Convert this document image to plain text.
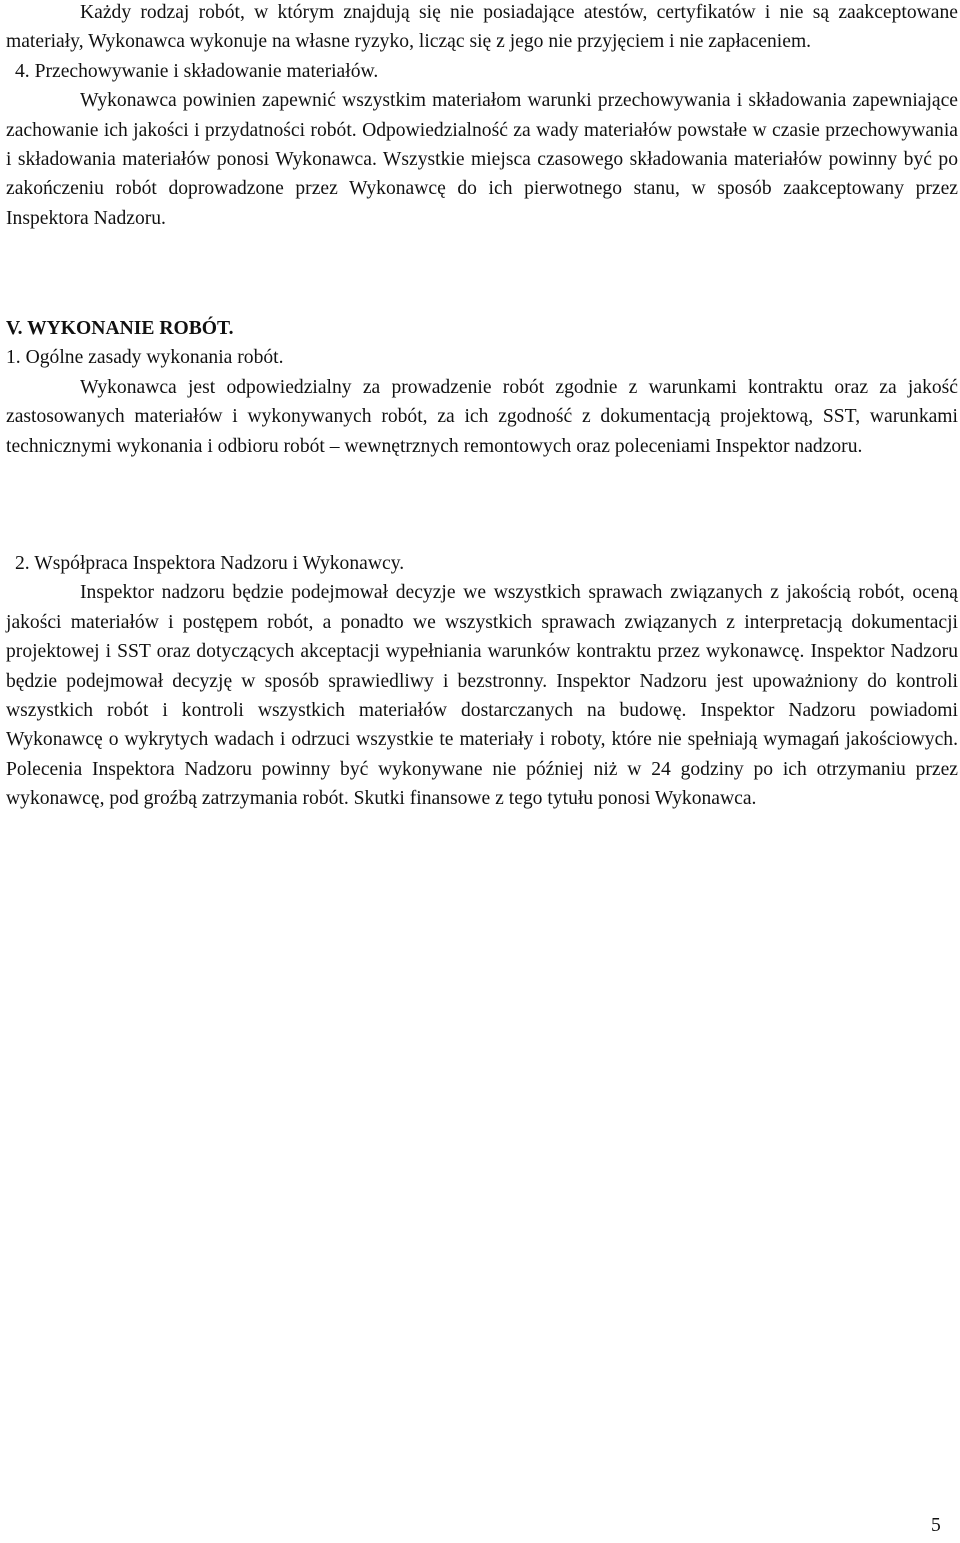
Każdy rodzaj robót, w którym znajdują się nie posiadające atestów, certyfikatów i nie są zaakceptowane materiały, Wykonawca wykonuje na własne ryzyko, licząc się z jego nie przyjęciem i nie zapłaceniem.

4. Przechowywanie i składowanie materiałów.

Wykonawca powinien zapewnić wszystkim materiałom warunki przechowywania i składowania zapewniające zachowanie ich jakości i przydatności robót. Odpowiedzialność za wady materiałów powstałe w czasie przechowywania i składowania materiałów ponosi Wykonawca. Wszystkie miejsca czasowego składowania materiałów powinny być po zakończeniu robót doprowadzone przez Wykonawcę do ich pierwotnego stanu, w sposób zaakceptowany przez Inspektora Nadzoru.

V. WYKONANIE ROBÓT.
1. Ogólne zasady wykonania robót.

Wykonawca jest odpowiedzialny za prowadzenie robót zgodnie z warunkami kontraktu oraz za jakość zastosowanych materiałów i wykonywanych robót, za ich zgodność z dokumentacją projektową, SST, warunkami technicznymi wykonania i odbioru robót – wewnętrznych remontowych oraz poleceniami Inspektor nadzoru.

2. Współpraca Inspektora Nadzoru i Wykonawcy.

Inspektor nadzoru będzie podejmował decyzje we wszystkich sprawach związanych z jakością robót, oceną jakości materiałów i postępem robót, a ponadto we wszystkich sprawach związanych z interpretacją dokumentacji projektowej i SST oraz dotyczących akceptacji wypełniania warunków kontraktu przez wykonawcę. Inspektor Nadzoru będzie podejmował decyzję w sposób sprawiedliwy i bezstronny. Inspektor Nadzoru jest upoważniony do kontroli wszystkich robót i kontroli wszystkich materiałów dostarczanych na budowę. Inspektor Nadzoru powiadomi Wykonawcę o wykrytych wadach i odrzuci wszystkie te materiały i roboty, które nie spełniają wymagań jakościowych. Polecenia Inspektora Nadzoru powinny być wykonywane nie później niż w 24 godziny po ich otrzymaniu przez wykonawcę, pod groźbą zatrzymania robót. Skutki finansowe z tego tytułu ponosi Wykonawca.

5
